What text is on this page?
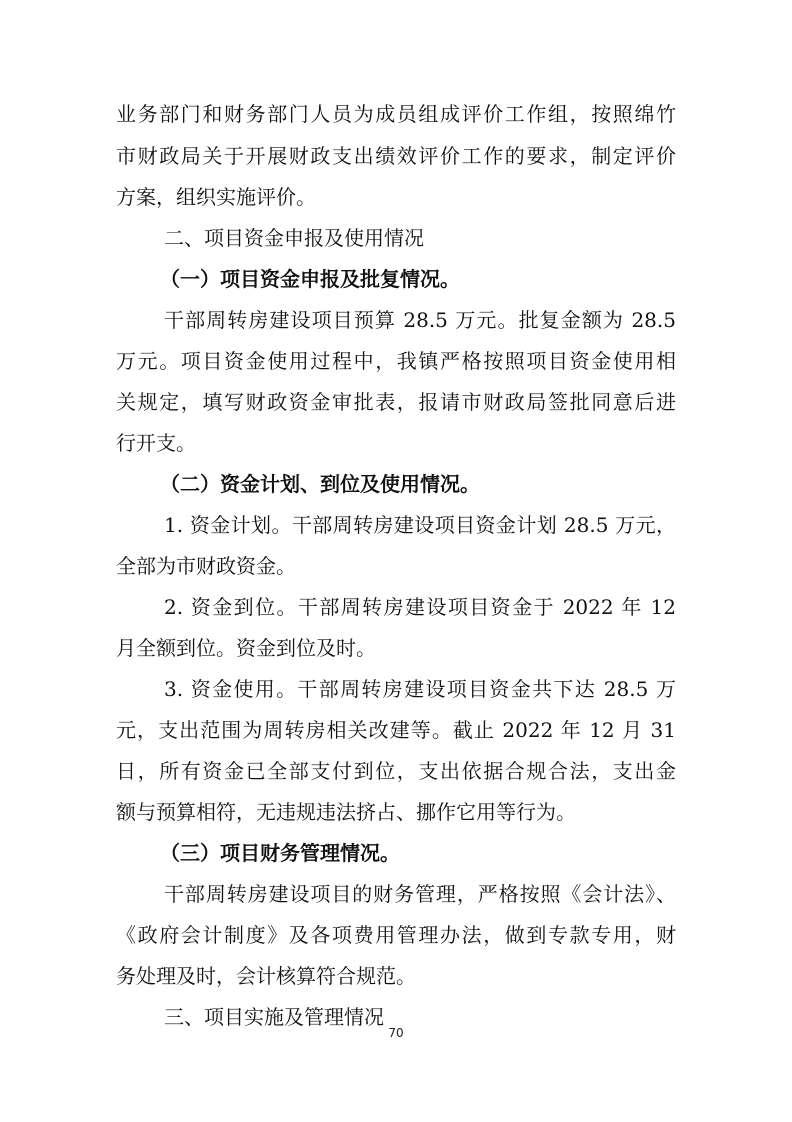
业务部门和财务部门人员为成员组成评价工作组，按照绵竹
市财政局关于开展财政支出绩效评价工作的要求，制定评价
方案，组织实施评价。
二、项目资金申报及使用情况
（一）项目资金申报及批复情况。
干部周转房建设项目预算 28.5 万元。批复金额为 28.5
万元。项目资金使用过程中，我镇严格按照项目资金使用相
关规定，填写财政资金审批表，报请市财政局签批同意后进
行开支。
（二）资金计划、到位及使用情况。
1. 资金计划。干部周转房建设项目资金计划 28.5 万元，
全部为市财政资金。
2. 资金到位。干部周转房建设项目资金于 2022 年 12
月全额到位。资金到位及时。
3. 资金使用。干部周转房建设项目资金共下达 28.5 万
元，支出范围为周转房相关改建等。截止 2022 年 12 月 31
日，所有资金已全部支付到位，支出依据合规合法，支出金
额与预算相符，无违规违法挤占、挪作它用等行为。
（三）项目财务管理情况。
干部周转房建设项目的财务管理，严格按照《会计法》、
《政府会计制度》及各项费用管理办法，做到专款专用，财
务处理及时，会计核算符合规范。
三、项目实施及管理情况
70
